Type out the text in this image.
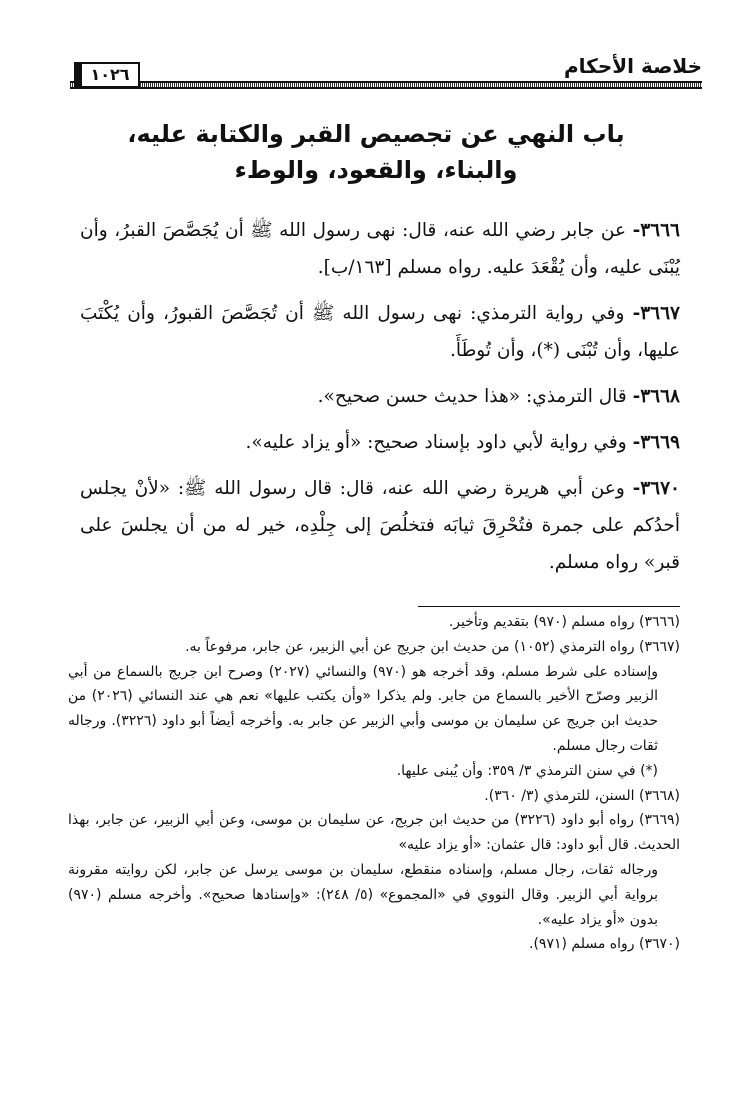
خلاصة الأحكام
١٠٢٦
باب النهي عن تجصيص القبر والكتابة عليه،
والبناء، والقعود، والوطء

٣٦٦٦- عن جابر رضي الله عنه، قال: نهى رسول الله ﷺ أن يُجَصَّصَ القبرُ، وأن يُبْنَى عليه، وأن يُقْعَدَ عليه. رواه مسلم [١٦٣/ب].

٣٦٦٧- وفي رواية الترمذي: نهى رسول الله ﷺ أن تُجَصَّصَ القبورُ، وأن يُكْتَبَ عليها، وأن تُبْنَى (*)، وأن تُوطَأَ.

٣٦٦٨- قال الترمذي: «هذا حديث حسن صحيح».

٣٦٦٩- وفي رواية لأبي داود بإسناد صحيح: «أو يزاد عليه».

٣٦٧٠- وعن أبي هريرة رضي الله عنه، قال: قال رسول الله ﷺ: «لأنْ يجلس أحدُكم على جمرة فتُحْرِقَ ثيابَه فتخلُصَ إلى جِلْدِه، خير له من أن يجلسَ على قبر» رواه مسلم.

(٣٦٦٦) رواه مسلم (٩٧٠) بتقديم وتأخير.

(٣٦٦٧) رواه الترمذي (١٠٥٢) من حديث ابن جريج عن أبي الزبير، عن جابر، مرفوعاً به.
وإسناده على شرط مسلم، وقد أخرجه هو (٩٧٠) والنسائي (٢٠٢٧) وصرح ابن جريج بالسماع من أبي الزبير وصرّح الأخير بالسماع من جابر. ولم يذكرا «وأن يكتب عليها» نعم هي عند النسائي (٢٠٢٦) من حديث ابن جريج عن سليمان بن موسى وأبي الزبير عن جابر به. وأخرجه أيضاً أبو داود (٣٢٢٦). ورجاله ثقات رجال مسلم.

(*) في سنن الترمذي ٣/ ٣٥٩: وأن يُبنى عليها.

(٣٦٦٨) السنن، للترمذي (٣/ ٣٦٠).

(٣٦٦٩) رواه أبو داود (٣٢٢٦) من حديث ابن جريج، عن سليمان بن موسى، وعن أبي الزبير، عن جابر، بهذا الحديث. قال أبو داود: قال عثمان: «أو يزاد عليه»
ورجاله ثقات، رجال مسلم، وإسناده منقطع، سليمان بن موسى يرسل عن جابر، لكن روايته مقرونة برواية أبي الزبير. وقال النووي في «المجموع» (٥/ ٢٤٨): «وإسنادها صحيح». وأخرجه مسلم (٩٧٠) بدون «أو يزاد عليه».

(٣٦٧٠) رواه مسلم (٩٧١).
